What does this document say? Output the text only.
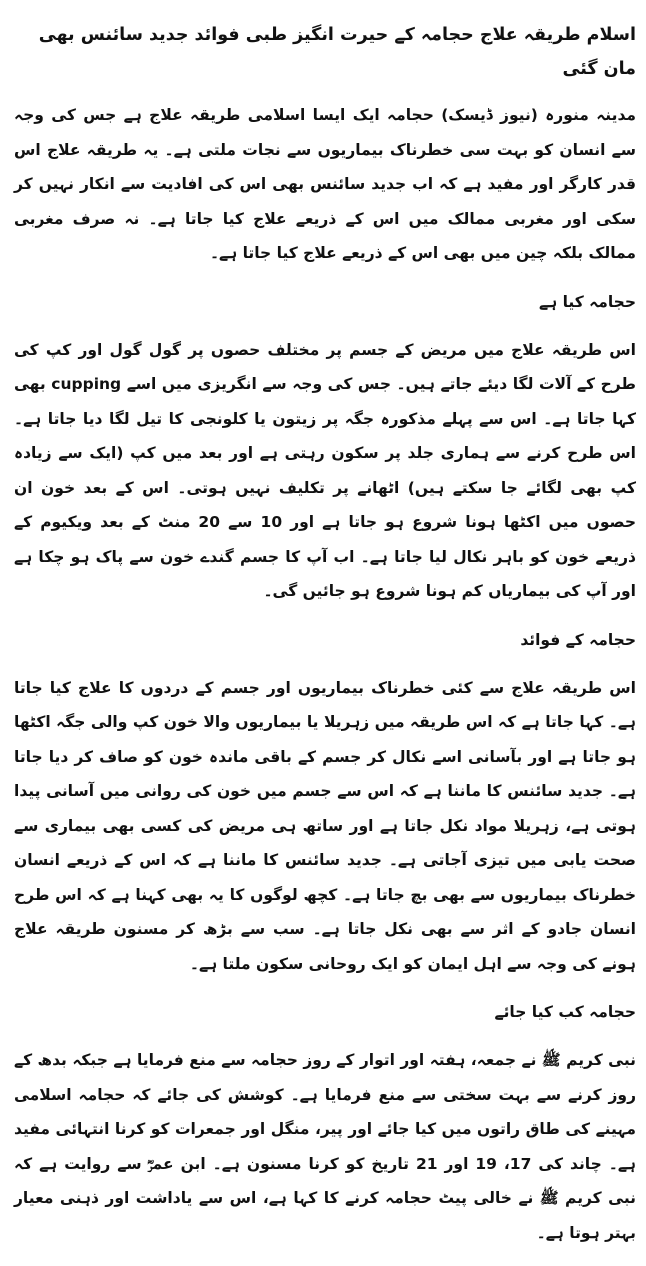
اسلام طریقہ علاج حجامہ کے حیرت انگیز طبی فوائد جدید سائنس بھی مان گئی

مدینہ منورہ (نیوز ڈیسک) حجامہ ایک ایسا اسلامی طریقہ علاج ہے جس کی وجہ سے انسان کو بہت سی خطرناک بیماریوں سے نجات ملتی ہے۔ یہ طریقہ علاج اس قدر کارگر اور مفید ہے کہ اب جدید سائنس بھی اس کی افادیت سے انکار نہیں کر سکی اور مغربی ممالک میں اس کے ذریعے علاج کیا جاتا ہے۔ نہ صرف مغربی ممالک بلکہ چین میں بھی اس کے ذریعے علاج کیا جاتا ہے۔

حجامہ کیا ہے

اس طریقہ علاج میں مریض کے جسم پر مختلف حصوں پر گول گول اور کپ کی طرح کے آلات لگا دیئے جاتے ہیں۔ جس کی وجہ سے انگریزی میں اسے cupping بھی کہا جاتا ہے۔ اس سے پہلے مذکورہ جگہ پر زیتون یا کلونجی کا تیل لگا دیا جاتا ہے۔ اس طرح کرنے سے ہماری جلد پر سکون رہتی ہے اور بعد میں کپ (ایک سے زیادہ کپ بھی لگائے جا سکتے ہیں) اٹھانے پر تکلیف نہیں ہوتی۔ اس کے بعد خون ان حصوں میں اکٹھا ہونا شروع ہو جاتا ہے اور 10 سے 20 منٹ کے بعد ویکیوم کے ذریعے خون کو باہر نکال لیا جاتا ہے۔ اب آپ کا جسم گندے خون سے پاک ہو چکا ہے اور آپ کی بیماریاں کم ہونا شروع ہو جائیں گی۔

حجامہ کے فوائد

اس طریقہ علاج سے کئی خطرناک بیماریوں اور جسم کے دردوں کا علاج کیا جاتا ہے۔ کہا جاتا ہے کہ اس طریقہ میں زہریلا یا بیماریوں والا خون کپ والی جگہ اکٹھا ہو جاتا ہے اور بآسانی اسے نکال کر جسم کے باقی ماندہ خون کو صاف کر دیا جاتا ہے۔ جدید سائنس کا ماننا ہے کہ اس سے جسم میں خون کی روانی میں آسانی پیدا ہوتی ہے، زہریلا مواد نکل جاتا ہے اور ساتھ ہی مریض کی کسی بھی بیماری سے صحت یابی میں تیزی آجاتی ہے۔ جدید سائنس کا ماننا ہے کہ اس کے ذریعے انسان خطرناک بیماریوں سے بھی بچ جاتا ہے۔ کچھ لوگوں کا یہ بھی کہنا ہے کہ اس طرح انسان جادو کے اثر سے بھی نکل جاتا ہے۔ سب سے بڑھ کر مسنون طریقہ علاج ہونے کی وجہ سے اہل ایمان کو ایک روحانی سکون ملتا ہے۔

حجامہ کب کیا جائے

نبی کریم ﷺ نے جمعہ، ہفتہ اور اتوار کے روز حجامہ سے منع فرمایا ہے جبکہ بدھ کے روز کرنے سے بہت سختی سے منع فرمایا ہے۔ کوشش کی جائے کہ حجامہ اسلامی مہینے کی طاق راتوں میں کیا جائے اور پیر، منگل اور جمعرات کو کرنا انتہائی مفید ہے۔ چاند کی 17، 19 اور 21 تاریخ کو کرنا مسنون ہے۔ ابن عمرؓ سے روایت ہے کہ نبی کریم ﷺ نے خالی پیٹ حجامہ کرنے کا کہا ہے، اس سے یاداشت اور ذہنی معیار بہتر ہوتا ہے۔
